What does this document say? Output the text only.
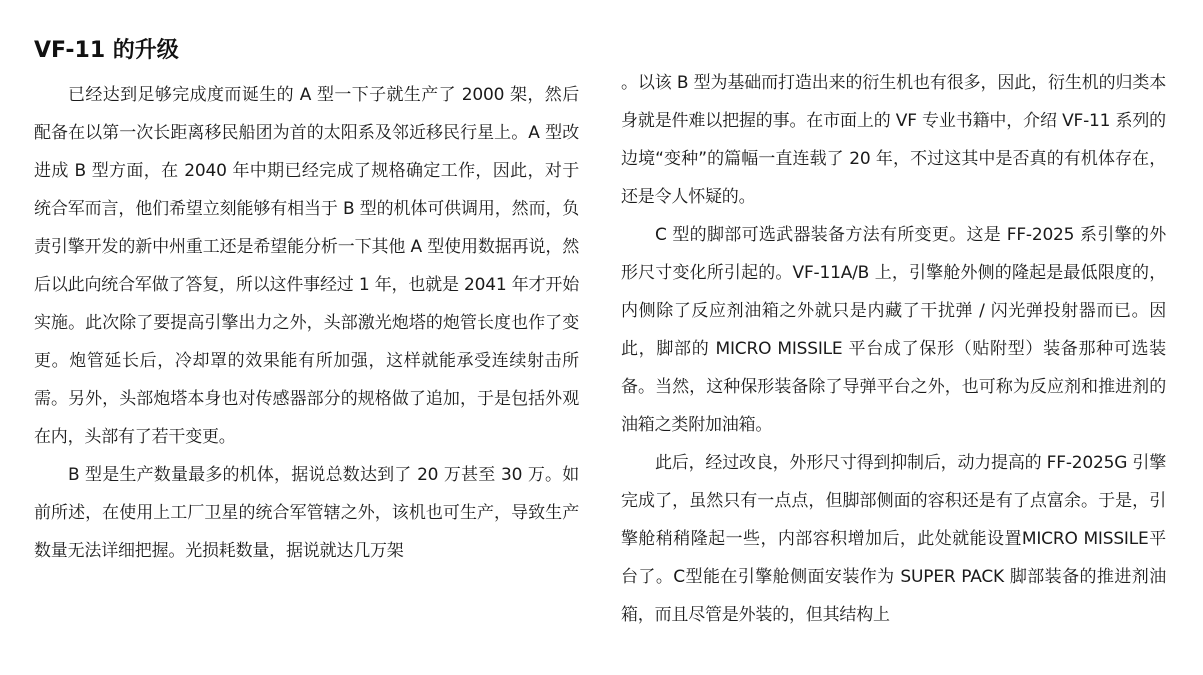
VF-11 的升级

已经达到足够完成度而诞生的 A 型一下子就生产了 2000 架，然后配备在以第一次长距离移民船团为首的太阳系及邻近移民行星上。A 型改进成 B 型方面，在 2040 年中期已经完成了规格确定工作，因此，对于统合军而言，他们希望立刻能够有相当于 B 型的机体可供调用，然而，负责引擎开发的新中州重工还是希望能分析一下其他 A 型使用数据再说，然后以此向统合军做了答复，所以这件事经过 1 年，也就是 2041 年才开始实施。此次除了要提高引擎出力之外，头部激光炮塔的炮管长度也作了变更。炮管延长后，冷却罩的效果能有所加强，这样就能承受连续射击所需。另外，头部炮塔本身也对传感器部分的规格做了追加，于是包括外观在内，头部有了若干变更。

B 型是生产数量最多的机体，据说总数达到了 20 万甚至 30 万。如前所述，在使用上工厂卫星的统合军管辖之外，该机也可生产，导致生产数量无法详细把握。光损耗数量，据说就达几万架

。以该 B 型为基础而打造出来的衍生机也有很多，因此，衍生机的归类本身就是件难以把握的事。在市面上的 VF 专业书籍中，介绍 VF-11 系列的边境“变种”的篇幅一直连载了 20 年，不过这其中是否真的有机体存在，还是令人怀疑的。

C 型的脚部可选武器装备方法有所变更。这是 FF-2025 系引擎的外形尺寸变化所引起的。VF-11A/B 上，引擎舱外侧的隆起是最低限度的，内侧除了反应剂油箱之外就只是内藏了干扰弹 / 闪光弹投射器而已。因此，脚部的 MICRO MISSILE 平台成了保形（贴附型）装备那种可选装备。当然，这种保形装备除了导弹平台之外，也可称为反应剂和推进剂的油箱之类附加油箱。

此后，经过改良，外形尺寸得到抑制后，动力提高的 FF-2025G 引擎完成了，虽然只有一点点，但脚部侧面的容积还是有了点富余。于是，引擎舱稍稍隆起一些，内部容积增加后，此处就能设置MICRO MISSILE平台了。C型能在引擎舱侧面安装作为 SUPER PACK 脚部装备的推进剂油箱，而且尽管是外装的，但其结构上
